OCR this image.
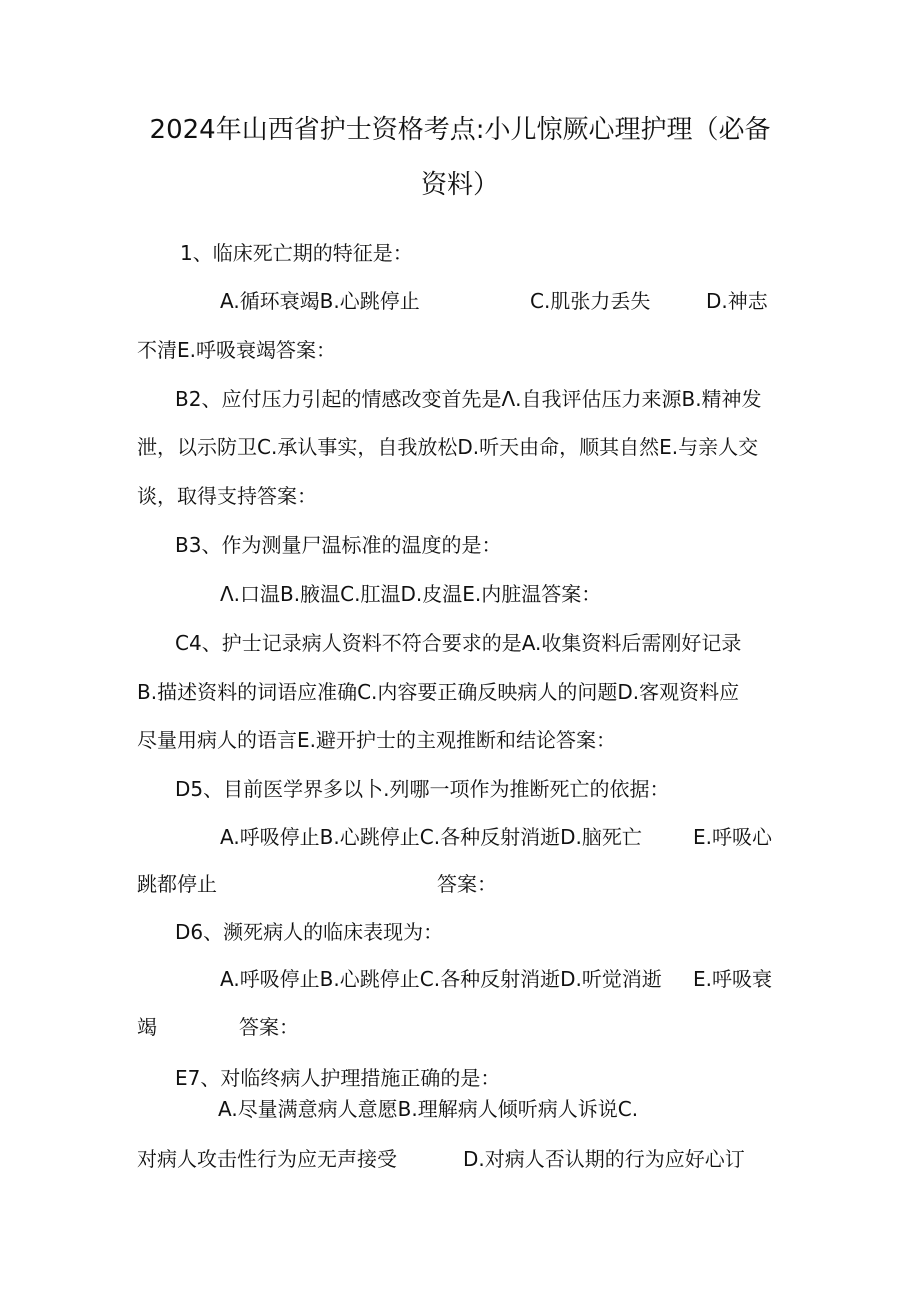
2024年山西省护士资格考点:小儿惊厥心理护理（必备
资料）
1、临床死亡期的特征是：
A.循环衰竭B.心跳停止	C.肌张力丢失	D.神志
不清E.呼吸衰竭答案：
B2、应付压力引起的情感改变首先是Λ.自我评估压力来源B.精神发
泄，以示防卫C.承认事实，自我放松D.听天由命，顺其自然E.与亲人交
谈，取得支持答案：
B3、作为测量尸温标准的温度的是：
Λ.口温B.腋温C.肛温D.皮温E.内脏温答案：
C4、护士记录病人资料不符合要求的是A.收集资料后需刚好记录
B.描述资料的词语应准确C.内容要正确反映病人的问题D.客观资料应
尽量用病人的语言E.避开护士的主观推断和结论答案：
D5、目前医学界多以卜.列哪一项作为推断死亡的依据：
A.呼吸停止B.心跳停止C.各种反射消逝D.脑死亡	E.呼吸心
跳都停止	答案：
D6、濒死病人的临床表现为：
A.呼吸停止B.心跳停止C.各种反射消逝D.听觉消逝 E.呼吸衰
竭	答案：
E7、对临终病人护理措施正确的是：
A.尽量满意病人意愿B.理解病人倾听病人诉说C.
对病人攻击性行为应无声接受	D.对病人否认期的行为应好心订
